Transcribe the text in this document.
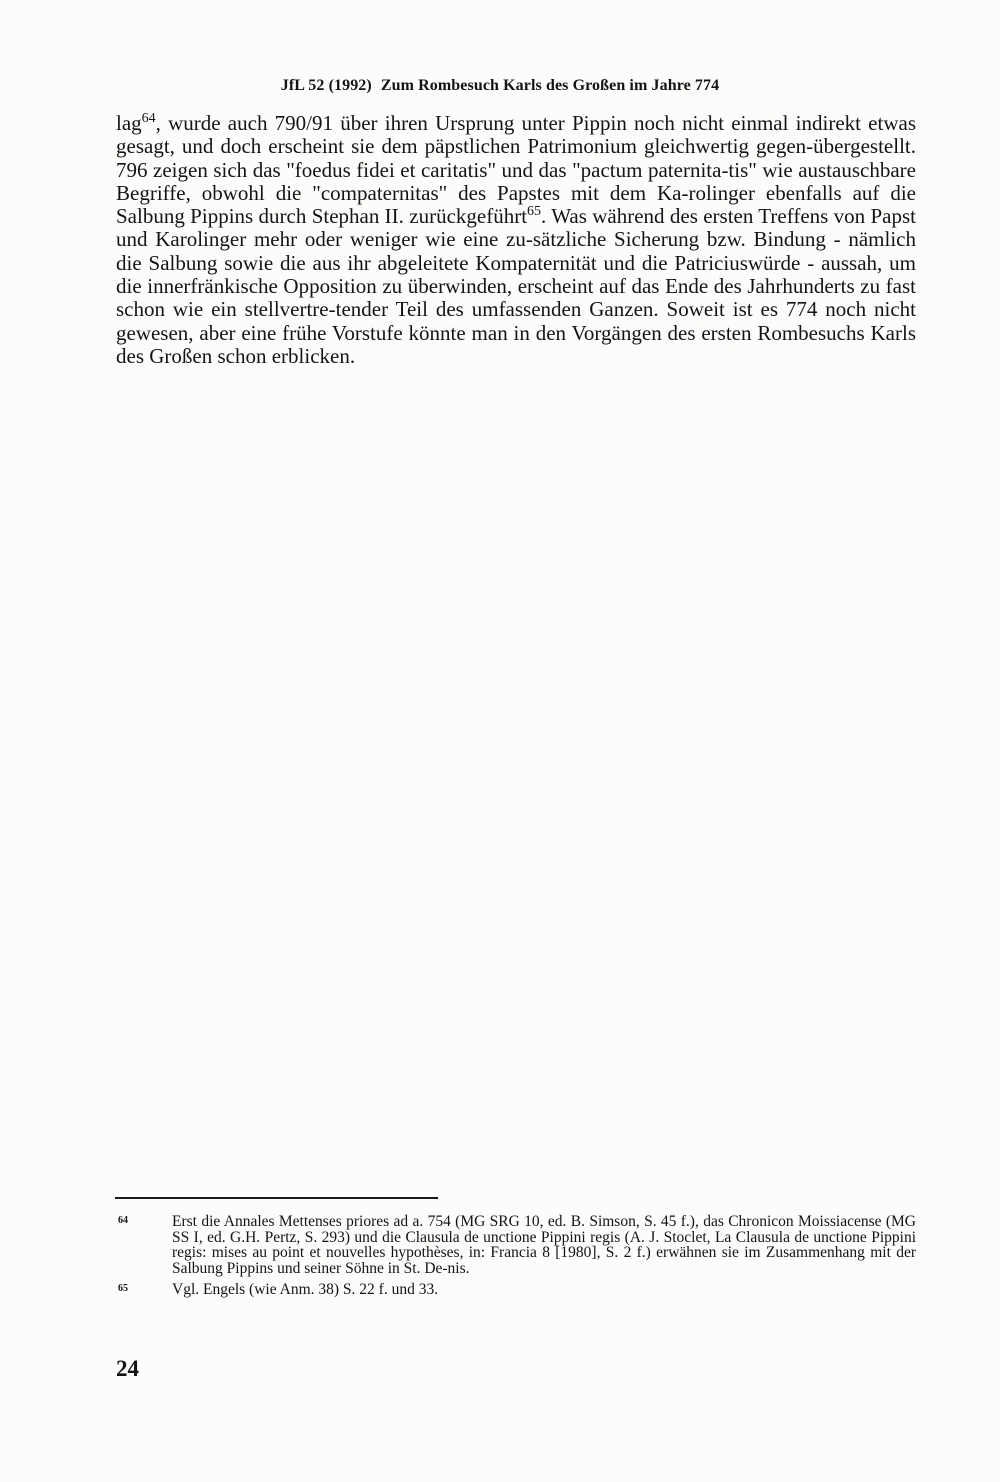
JfL 52 (1992) Zum Rombesuch Karls des Großen im Jahre 774

lag$^{64}$, wurde auch 790/91 über ihren Ursprung unter Pippin noch nicht einmal indirekt etwas gesagt, und doch erscheint sie dem päpstlichen Patrimonium gleichwertig gegen-übergestellt. 796 zeigen sich das "foedus fidei et caritatis" und das "pactum paternita-tis" wie austauschbare Begriffe, obwohl die "compaternitas" des Papstes mit dem Ka-rolinger ebenfalls auf die Salbung Pippins durch Stephan II. zurückgeführt$^{65}$. Was während des ersten Treffens von Papst und Karolinger mehr oder weniger wie eine zu-sätzliche Sicherung bzw. Bindung - nämlich die Salbung sowie die aus ihr abgeleitete Kompaternität und die Patriciuswürde - aussah, um die innerfränkische Opposition zu überwinden, erscheint auf das Ende des Jahrhunderts zu fast schon wie ein stellvertre-tender Teil des umfassenden Ganzen. Soweit ist es 774 noch nicht gewesen, aber eine frühe Vorstufe könnte man in den Vorgängen des ersten Rombesuchs Karls des Großen schon erblicken.

64	Erst die Annales Mettenses priores ad a. 754 (MG SRG 10, ed. B. Simson, S. 45 f.), das Chronicon Moissiacense (MG SS I, ed. G.H. Pertz, S. 293) und die Clausula de unctione Pippini regis (A. J. Stoclet, La Clausula de unctione Pippini regis: mises au point et nouvelles hypothèses, in: Francia 8 [1980], S. 2 f.) erwähnen sie im Zusammenhang mit der Salbung Pippins und seiner Söhne in St. De-nis.
65	Vgl. Engels (wie Anm. 38) S. 22 f. und 33.
24
